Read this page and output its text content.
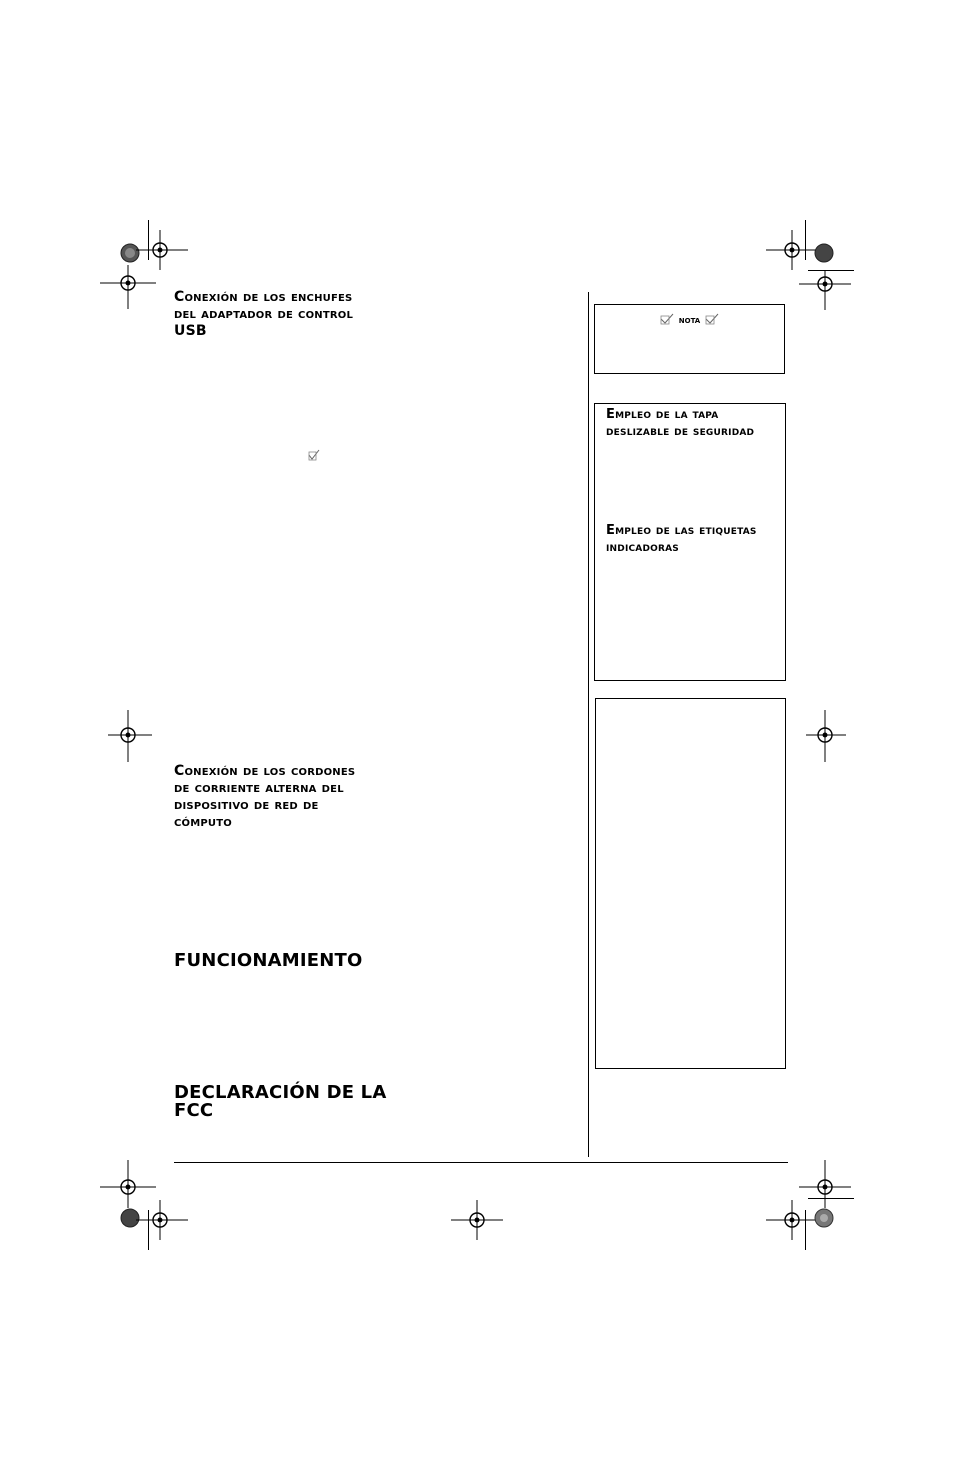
Conexión de los enchufes
del adaptador de control
USB
Conexión de los cordones
de corriente alterna del
dispositivo de red de
cómputo
FUNCIONAMIENTO
DECLARACIÓN DE LA
FCC
nota
Empleo de la tapa
deslizable de seguridad
Empleo de las etiquetas
indicadoras
